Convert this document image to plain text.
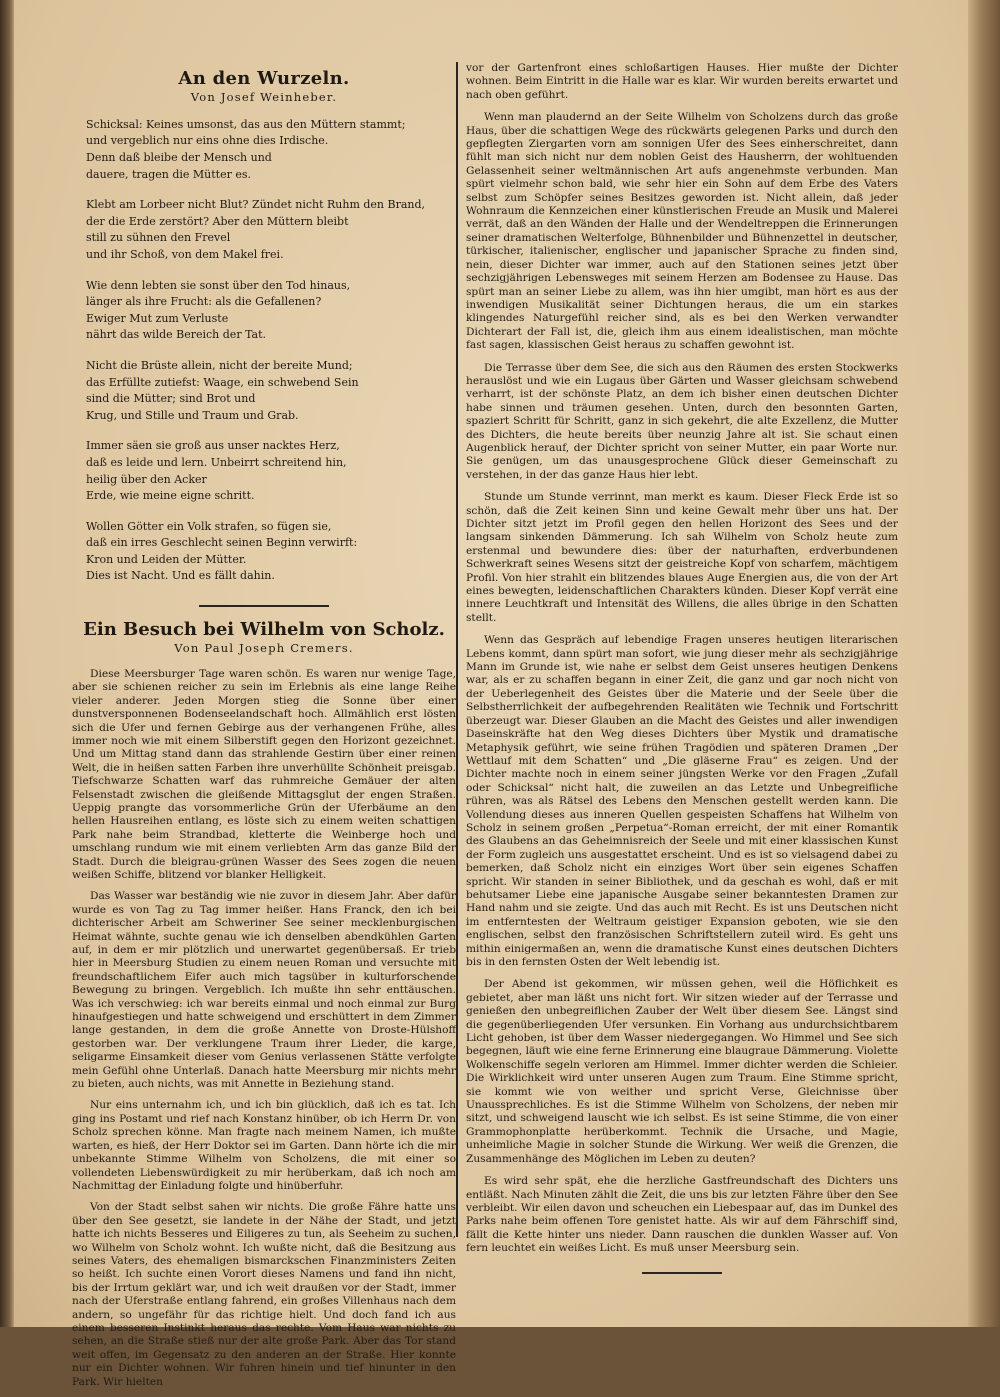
An den Wurzeln.
Von Josef Weinheber.
Schicksal: Keines umsonst, das aus den Müttern stammt;
und vergeblich nur eins ohne dies Irdische.
Denn daß bleibe der Mensch und
dauere, tragen die Mütter es.
Klebt am Lorbeer nicht Blut? Zündet nicht Ruhm den Brand,
der die Erde zerstört? Aber den Müttern bleibt
still zu sühnen den Frevel
und ihr Schoß, von dem Makel frei.
Wie denn lebten sie sonst über den Tod hinaus,
länger als ihre Frucht: als die Gefallenen?
Ewiger Mut zum Verluste
nährt das wilde Bereich der Tat.
Nicht die Brüste allein, nicht der bereite Mund;
das Erfüllte zutiefst: Waage, ein schwebend Sein
sind die Mütter; sind Brot und
Krug, und Stille und Traum und Grab.
Immer säen sie groß aus unser nacktes Herz,
daß es leide und lern. Unbeirrt schreitend hin,
heilig über den Acker
Erde, wie meine eigne schritt.
Wollen Götter ein Volk strafen, so fügen sie,
daß ein irres Geschlecht seinen Beginn verwirft:
Kron und Leiden der Mütter.
Dies ist Nacht. Und es fällt dahin.
Ein Besuch bei Wilhelm von Scholz.
Von Paul Joseph Cremers.

Diese Meersburger Tage waren schön. Es waren nur wenige Tage, aber sie schienen reicher zu sein im Erlebnis als eine lange Reihe vieler anderer. Jeden Morgen stieg die Sonne über einer dunstversponnenen Bodenseelandschaft hoch. Allmählich erst lösten sich die Ufer und fernen Gebirge aus der verhangenen Frühe, alles immer noch wie mit einem Silberstift gegen den Horizont gezeichnet. Und um Mittag stand dann das strahlende Gestirn über einer reinen Welt, die in heißen satten Farben ihre unverhüllte Schönheit preisgab. Tiefschwarze Schatten warf das ruhmreiche Gemäuer der alten Felsenstadt zwischen die gleißende Mittagsglut der engen Straßen. Ueppig prangte das vorsommerliche Grün der Uferbäume an den hellen Hausreihen entlang, es löste sich zu einem weiten schattigen Park nahe beim Strandbad, kletterte die Weinberge hoch und umschlang rundum wie mit einem verliebten Arm das ganze Bild der Stadt. Durch die bleigrau-grünen Wasser des Sees zogen die neuen weißen Schiffe, blitzend vor blanker Helligkeit.

Das Wasser war beständig wie nie zuvor in diesem Jahr. Aber dafür wurde es von Tag zu Tag immer heißer. Hans Franck, den ich bei dichterischer Arbeit am Schweriner See seiner mecklenburgischen Heimat wähnte, suchte genau wie ich denselben abendkühlen Garten auf, in dem er mir plötzlich und unerwartet gegenübersaß. Er trieb hier in Meersburg Studien zu einem neuen Roman und versuchte mit freundschaftlichem Eifer auch mich tagsüber in kulturforschende Bewegung zu bringen. Vergeblich. Ich mußte ihn sehr enttäuschen. Was ich verschwieg: ich war bereits einmal und noch einmal zur Burg hinaufgestiegen und hatte schweigend und erschüttert in dem Zimmer lange gestanden, in dem die große Annette von Droste-Hülshoff gestorben war. Der verklungene Traum ihrer Lieder, die karge, seligarme Einsamkeit dieser vom Genius verlassenen Stätte verfolgte mein Gefühl ohne Unterlaß. Danach hatte Meersburg mir nichts mehr zu bieten, auch nichts, was mit Annette in Beziehung stand.

Nur eins unternahm ich, und ich bin glücklich, daß ich es tat. Ich ging ins Postamt und rief nach Konstanz hinüber, ob ich Herrn Dr. von Scholz sprechen könne. Man fragte nach meinem Namen, ich mußte warten, es hieß, der Herr Doktor sei im Garten. Dann hörte ich die mir unbekannte Stimme Wilhelm von Scholzens, die mit einer so vollendeten Liebenswürdigkeit zu mir herüberkam, daß ich noch am Nachmittag der Einladung folgte und hinüberfuhr.

Von der Stadt selbst sahen wir nichts. Die große Fähre hatte uns über den See gesetzt, sie landete in der Nähe der Stadt, und jetzt hatte ich nichts Besseres und Eiligeres zu tun, als Seeheim zu suchen, wo Wilhelm von Scholz wohnt. Ich wußte nicht, daß die Besitzung aus seines Vaters, des ehemaligen bismarckschen Finanzministers Zeiten so heißt. Ich suchte einen Vorort dieses Namens und fand ihn nicht, bis der Irrtum geklärt war, und ich weit draußen vor der Stadt, immer nach der Uferstraße entlang fahrend, ein großes Villenhaus nach dem andern, so ungefähr für das richtige hielt. Und doch fand ich aus einem besseren Instinkt heraus das rechte. Vom Haus war nichts zu sehen, an die Straße stieß nur der alte große Park. Aber das Tor stand weit offen, im Gegensatz zu den anderen an der Straße. Hier konnte nur ein Dichter wohnen. Wir fuhren hinein und tief hinunter in den Park. Wir hielten

vor der Gartenfront eines schloßartigen Hauses. Hier mußte der Dichter wohnen. Beim Eintritt in die Halle war es klar. Wir wurden bereits erwartet und nach oben geführt.

Wenn man plaudernd an der Seite Wilhelm von Scholzens durch das große Haus, über die schattigen Wege des rückwärts gelegenen Parks und durch den gepflegten Ziergarten vorn am sonnigen Ufer des Sees einherschreitet, dann fühlt man sich nicht nur dem noblen Geist des Hausherrn, der wohltuenden Gelassenheit seiner weltmännischen Art aufs angenehmste verbunden. Man spürt vielmehr schon bald, wie sehr hier ein Sohn auf dem Erbe des Vaters selbst zum Schöpfer seines Besitzes geworden ist. Nicht allein, daß jeder Wohnraum die Kennzeichen einer künstlerischen Freude an Musik und Malerei verrät, daß an den Wänden der Halle und der Wendeltreppen die Erinnerungen seiner dramatischen Welterfolge, Bühnenbilder und Bühnenzettel in deutscher, türkischer, italienischer, englischer und japanischer Sprache zu finden sind, nein, dieser Dichter war immer, auch auf den Stationen seines jetzt über sechzigjährigen Lebensweges mit seinem Herzen am Bodensee zu Hause. Das spürt man an seiner Liebe zu allem, was ihn hier umgibt, man hört es aus der inwendigen Musikalität seiner Dichtungen heraus, die um ein starkes klingendes Naturgefühl reicher sind, als es bei den Werken verwandter Dichterart der Fall ist, die, gleich ihm aus einem idealistischen, man möchte fast sagen, klassischen Geist heraus zu schaffen gewohnt ist.

Die Terrasse über dem See, die sich aus den Räumen des ersten Stockwerks herauslöst und wie ein Lugaus über Gärten und Wasser gleichsam schwebend verharrt, ist der schönste Platz, an dem ich bisher einen deutschen Dichter habe sinnen und träumen gesehen. Unten, durch den besonnten Garten, spaziert Schritt für Schritt, ganz in sich gekehrt, die alte Exzellenz, die Mutter des Dichters, die heute bereits über neunzig Jahre alt ist. Sie schaut einen Augenblick herauf, der Dichter spricht von seiner Mutter, ein paar Worte nur. Sie genügen, um das unausgesprochene Glück dieser Gemeinschaft zu verstehen, in der das ganze Haus hier lebt.

Stunde um Stunde verrinnt, man merkt es kaum. Dieser Fleck Erde ist so schön, daß die Zeit keinen Sinn und keine Gewalt mehr über uns hat. Der Dichter sitzt jetzt im Profil gegen den hellen Horizont des Sees und der langsam sinkenden Dämmerung. Ich sah Wilhelm von Scholz heute zum erstenmal und bewundere dies: über der naturhaften, erdverbundenen Schwerkraft seines Wesens sitzt der geistreiche Kopf von scharfem, mächtigem Profil. Von hier strahlt ein blitzendes blaues Auge Energien aus, die von der Art eines bewegten, leidenschaftlichen Charakters künden. Dieser Kopf verrät eine innere Leuchtkraft und Intensität des Willens, die alles übrige in den Schatten stellt.

Wenn das Gespräch auf lebendige Fragen unseres heutigen literarischen Lebens kommt, dann spürt man sofort, wie jung dieser mehr als sechzigjährige Mann im Grunde ist, wie nahe er selbst dem Geist unseres heutigen Denkens war, als er zu schaffen begann in einer Zeit, die ganz und gar noch nicht von der Ueberlegenheit des Geistes über die Materie und der Seele über die Selbstherrlichkeit der aufbegehrenden Realitäten wie Technik und Fortschritt überzeugt war. Dieser Glauben an die Macht des Geistes und aller inwendigen Daseinskräfte hat den Weg dieses Dichters über Mystik und dramatische Metaphysik geführt, wie seine frühen Tragödien und späteren Dramen „Der Wettlauf mit dem Schatten“ und „Die gläserne Frau“ es zeigen. Und der Dichter machte noch in einem seiner jüngsten Werke vor den Fragen „Zufall oder Schicksal“ nicht halt, die zuweilen an das Letzte und Unbegreifliche rühren, was als Rätsel des Lebens den Menschen gestellt werden kann. Die Vollendung dieses aus inneren Quellen gespeisten Schaffens hat Wilhelm von Scholz in seinem großen „Perpetua“-Roman erreicht, der mit einer Romantik des Glaubens an das Geheimnisreich der Seele und mit einer klassischen Kunst der Form zugleich uns ausgestattet erscheint. Und es ist so vielsagend dabei zu bemerken, daß Scholz nicht ein einziges Wort über sein eigenes Schaffen spricht. Wir standen in seiner Bibliothek, und da geschah es wohl, daß er mit behutsamer Liebe eine japanische Ausgabe seiner bekanntesten Dramen zur Hand nahm und sie zeigte. Und das auch mit Recht. Es ist uns Deutschen nicht im entferntesten der Weltraum geistiger Expansion geboten, wie sie den englischen, selbst den französischen Schriftstellern zuteil wird. Es geht uns mithin einigermaßen an, wenn die dramatische Kunst eines deutschen Dichters bis in den fernsten Osten der Welt lebendig ist.

Der Abend ist gekommen, wir müssen gehen, weil die Höflichkeit es gebietet, aber man läßt uns nicht fort. Wir sitzen wieder auf der Terrasse und genießen den unbegreiflichen Zauber der Welt über diesem See. Längst sind die gegenüberliegenden Ufer versunken. Ein Vorhang aus undurchsichtbarem Licht gehoben, ist über dem Wasser niedergegangen. Wo Himmel und See sich begegnen, läuft wie eine ferne Erinnerung eine blaugraue Dämmerung. Violette Wolkenschiffe segeln verloren am Himmel. Immer dichter werden die Schleier. Die Wirklichkeit wird unter unseren Augen zum Traum. Eine Stimme spricht, sie kommt wie von weither und spricht Verse, Gleichnisse über Unaussprechliches. Es ist die Stimme Wilhelm von Scholzens, der neben mir sitzt, und schweigend lauscht wie ich selbst. Es ist seine Stimme, die von einer Grammophonplatte herüberkommt. Technik die Ursache, und Magie, unheimliche Magie in solcher Stunde die Wirkung. Wer weiß die Grenzen, die Zusammenhänge des Möglichen im Leben zu deuten?

Es wird sehr spät, ehe die herzliche Gastfreundschaft des Dichters uns entläßt. Nach Minuten zählt die Zeit, die uns bis zur letzten Fähre über den See verbleibt. Wir eilen davon und scheuchen ein Liebespaar auf, das im Dunkel des Parks nahe beim offenen Tore genistet hatte. Als wir auf dem Fährschiff sind, fällt die Kette hinter uns nieder. Dann rauschen die dunklen Wasser auf. Von fern leuchtet ein weißes Licht. Es muß unser Meersburg sein.
